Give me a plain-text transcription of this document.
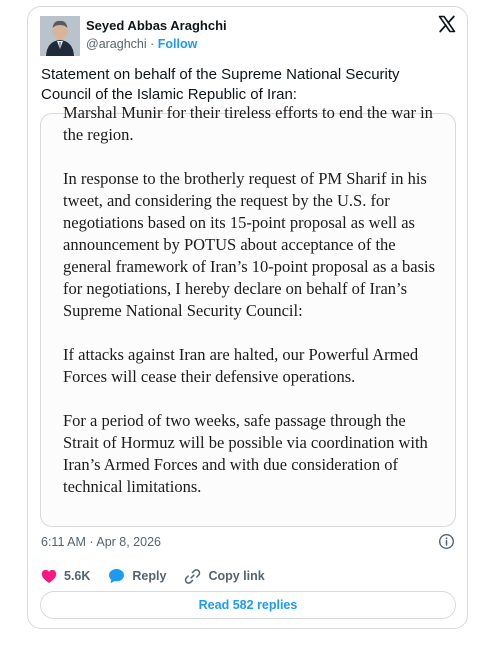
Seyed Abbas Araghchi
@araghchi · Follow
Statement on behalf of the Supreme National Security Council of the Islamic Republic of Iran:

Marshal Munir for their tireless efforts to end the war in the region.

In response to the brotherly request of PM Sharif in his tweet, and considering the request by the U.S. for negotiations based on its 15-point proposal as well as announcement by POTUS about acceptance of the general framework of Iran’s 10-point proposal as a basis for negotiations, I hereby declare on behalf of Iran’s Supreme National Security Council:

If attacks against Iran are halted, our Powerful Armed Forces will cease their defensive operations.

For a period of two weeks, safe passage through the Strait of Hormuz will be possible via coordination with Iran’s Armed Forces and with due consideration of technical limitations.

6:11 AM · Apr 8, 2026
5.6K	Reply	Copy link
Read 582 replies
